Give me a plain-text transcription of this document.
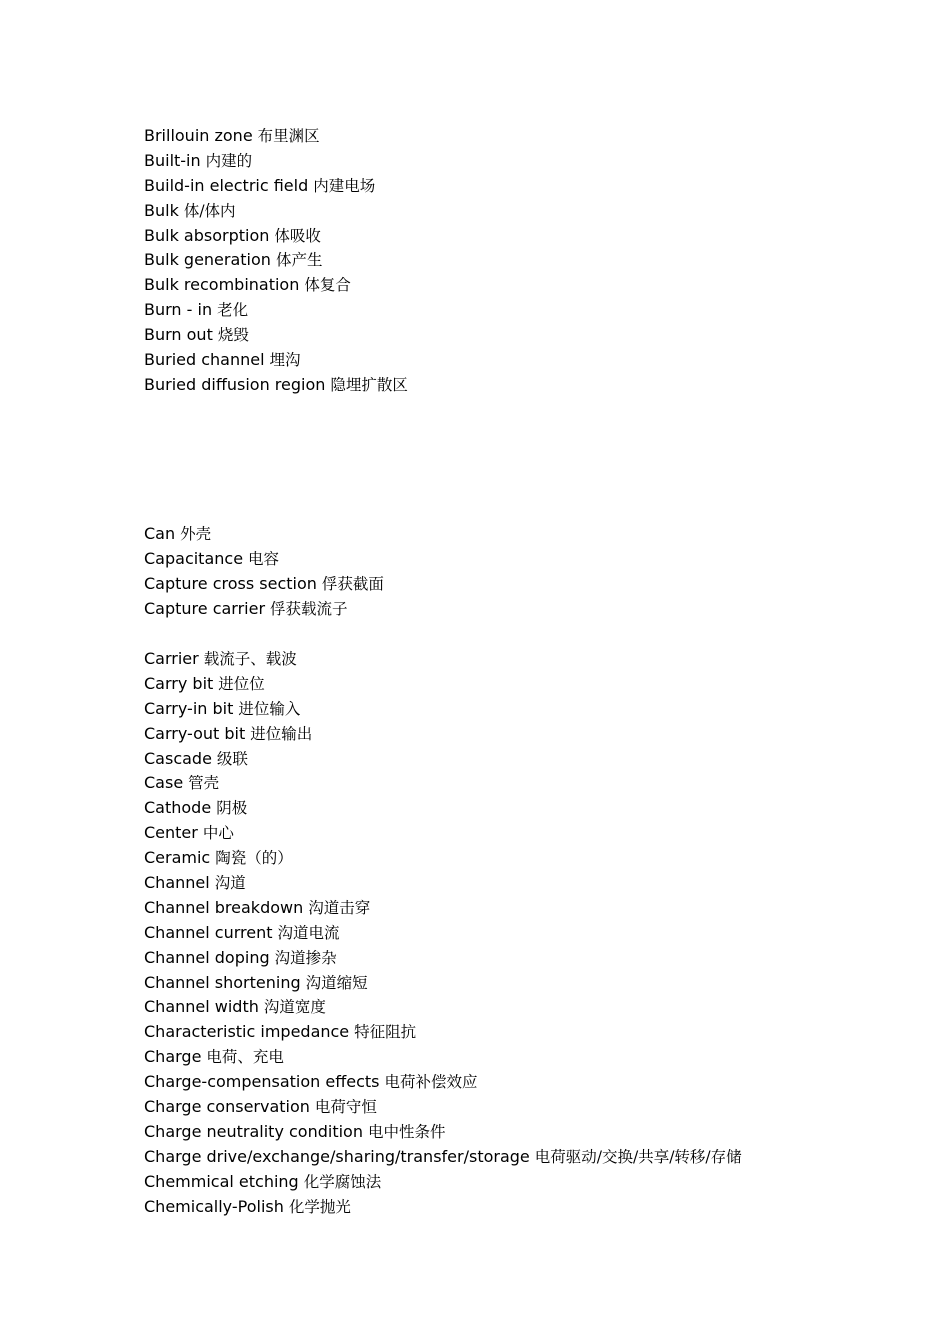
Brillouin zone 布里渊区
Built-in 内建的
Build-in electric field 内建电场
Bulk 体/体内
Bulk absorption 体吸收
Bulk generation 体产生
Bulk recombination 体复合
Burn - in 老化
Burn out 烧毁
Buried channel 埋沟
Buried diffusion region 隐埋扩散区
Can 外壳
Capacitance 电容
Capture cross section 俘获截面
Capture carrier 俘获载流子
Carrier 载流子、载波
Carry bit 进位位
Carry-in bit 进位输入
Carry-out bit 进位输出
Cascade 级联
Case 管壳
Cathode 阴极
Center 中心
Ceramic 陶瓷（的）
Channel 沟道
Channel breakdown 沟道击穿
Channel current 沟道电流
Channel doping 沟道掺杂
Channel shortening 沟道缩短
Channel width 沟道宽度
Characteristic impedance 特征阻抗
Charge 电荷、充电
Charge-compensation effects 电荷补偿效应
Charge conservation 电荷守恒
Charge neutrality condition 电中性条件
Charge drive/exchange/sharing/transfer/storage 电荷驱动/交换/共享/转移/存储
Chemmical etching 化学腐蚀法
Chemically-Polish 化学抛光
